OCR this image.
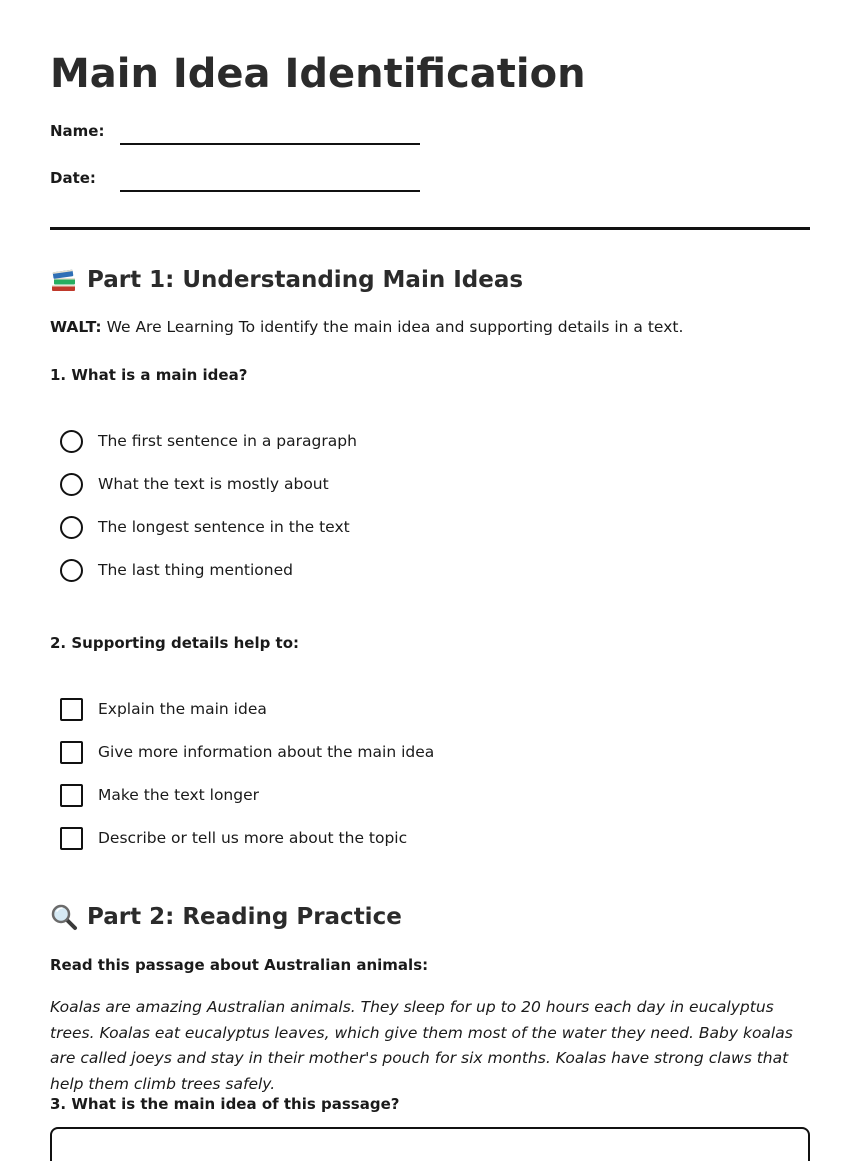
Main Idea Identification
Name:
Date:
Part 1: Understanding Main Ideas
WALT: We Are Learning To identify the main idea and supporting details in a text.
1. What is a main idea?
The first sentence in a paragraph
What the text is mostly about
The longest sentence in the text
The last thing mentioned
2. Supporting details help to:
Explain the main idea
Give more information about the main idea
Make the text longer
Describe or tell us more about the topic
Part 2: Reading Practice
Read this passage about Australian animals:

Koalas are amazing Australian animals. They sleep for up to 20 hours each day in eucalyptus trees. Koalas eat eucalyptus leaves, which give them most of the water they need. Baby koalas are called joeys and stay in their mother's pouch for six months. Koalas have strong claws that help them climb trees safely.

3. What is the main idea of this passage?
